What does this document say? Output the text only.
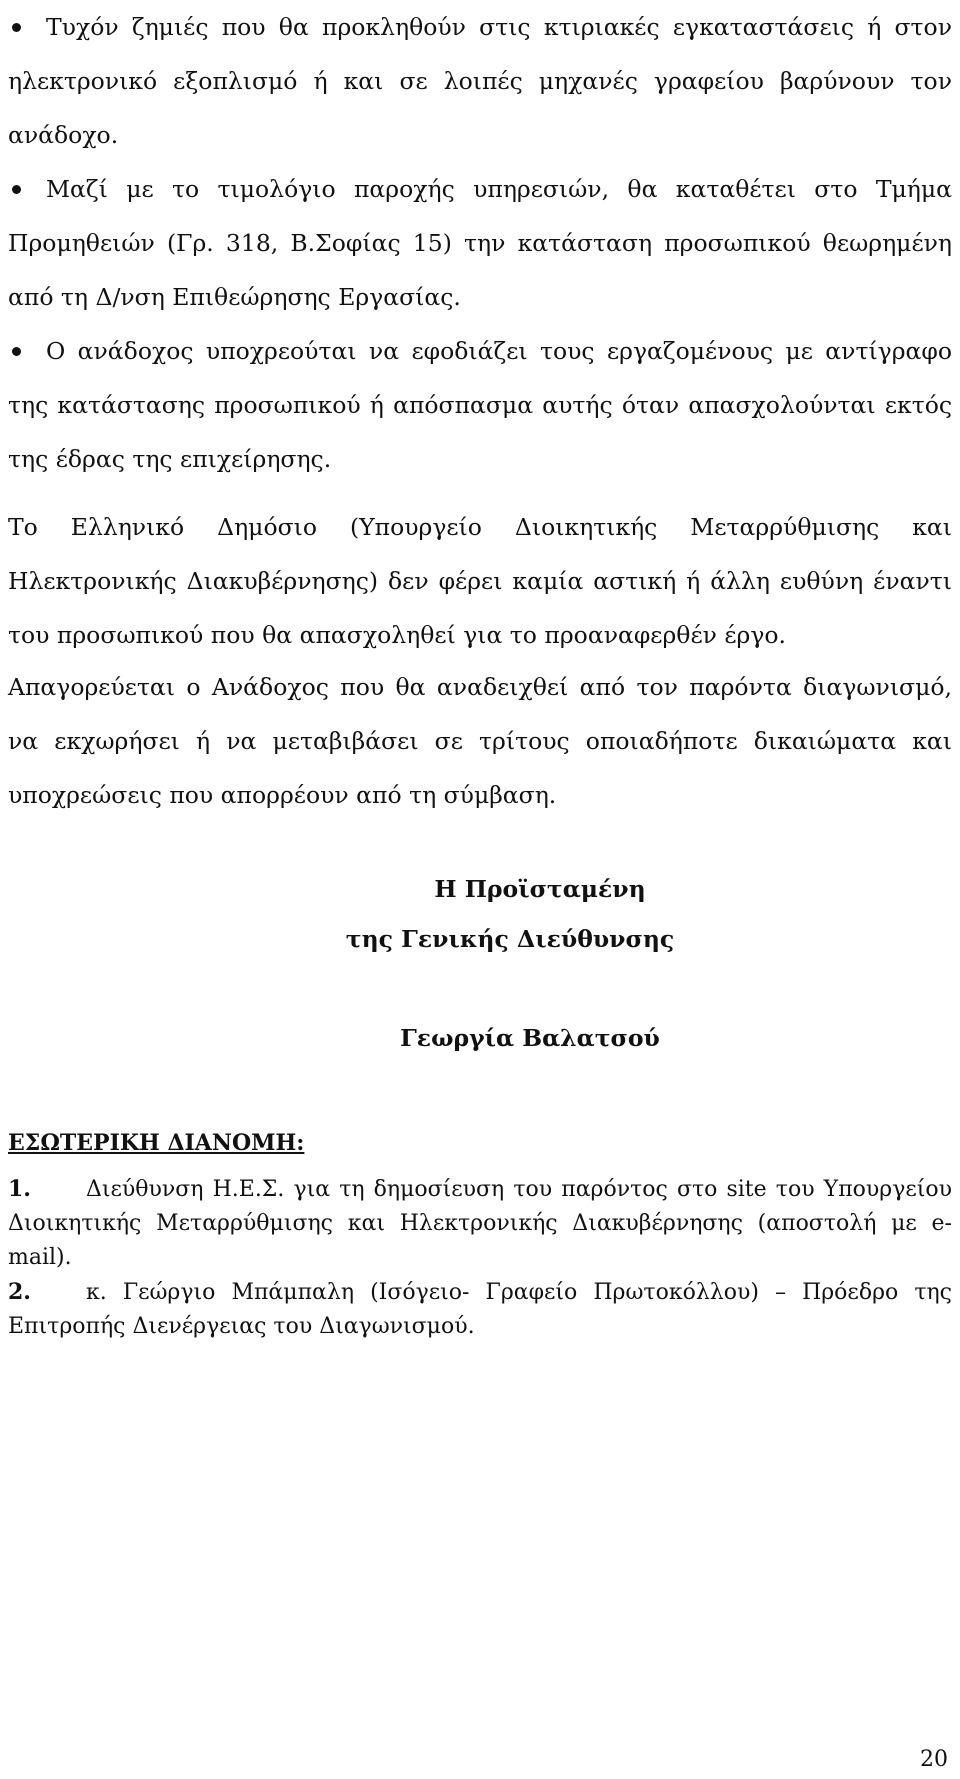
Τυχόν ζημιές που θα προκληθούν στις κτιριακές εγκαταστάσεις ή στον ηλεκτρονικό εξοπλισμό ή και σε λοιπές μηχανές γραφείου βαρύνουν τον ανάδοχο.
Μαζί με το τιμολόγιο παροχής υπηρεσιών, θα καταθέτει στο Τμήμα Προμηθειών (Γρ. 318, Β.Σοφίας 15) την κατάσταση προσωπικού θεωρημένη από τη Δ/νση Επιθεώρησης Εργασίας.
Ο ανάδοχος υποχρεούται να εφοδιάζει τους εργαζομένους με αντίγραφο της κατάστασης προσωπικού ή απόσπασμα αυτής όταν απασχολούνται εκτός της έδρας της επιχείρησης.

Το Ελληνικό Δημόσιο (Υπουργείο Διοικητικής Μεταρρύθμισης και Ηλεκτρονικής Διακυβέρνησης) δεν φέρει καμία αστική ή άλλη ευθύνη έναντι του προσωπικού που θα απασχοληθεί για το προαναφερθέν έργο.

Απαγορεύεται ο Ανάδοχος που θα αναδειχθεί από τον παρόντα διαγωνισμό, να εκχωρήσει ή να μεταβιβάσει σε τρίτους οποιαδήποτε δικαιώματα και υποχρεώσεις που απορρέουν από τη σύμβαση.

Η Προϊσταμένη

της Γενικής Διεύθυνσης

Γεωργία Βαλατσού

ΕΣΩΤΕΡΙΚΗ ΔΙΑΝΟΜΗ:

1.	Διεύθυνση Η.Ε.Σ. για τη δημοσίευση του παρόντος στο site του Υπουργείου Διοικητικής Μεταρρύθμισης και Ηλεκτρονικής Διακυβέρνησης (αποστολή με e-mail).
2.	κ. Γεώργιο Μπάμπαλη (Ισόγειο- Γραφείο Πρωτοκόλλου) – Πρόεδρο της Επιτροπής Διενέργειας του Διαγωνισμού.

20
